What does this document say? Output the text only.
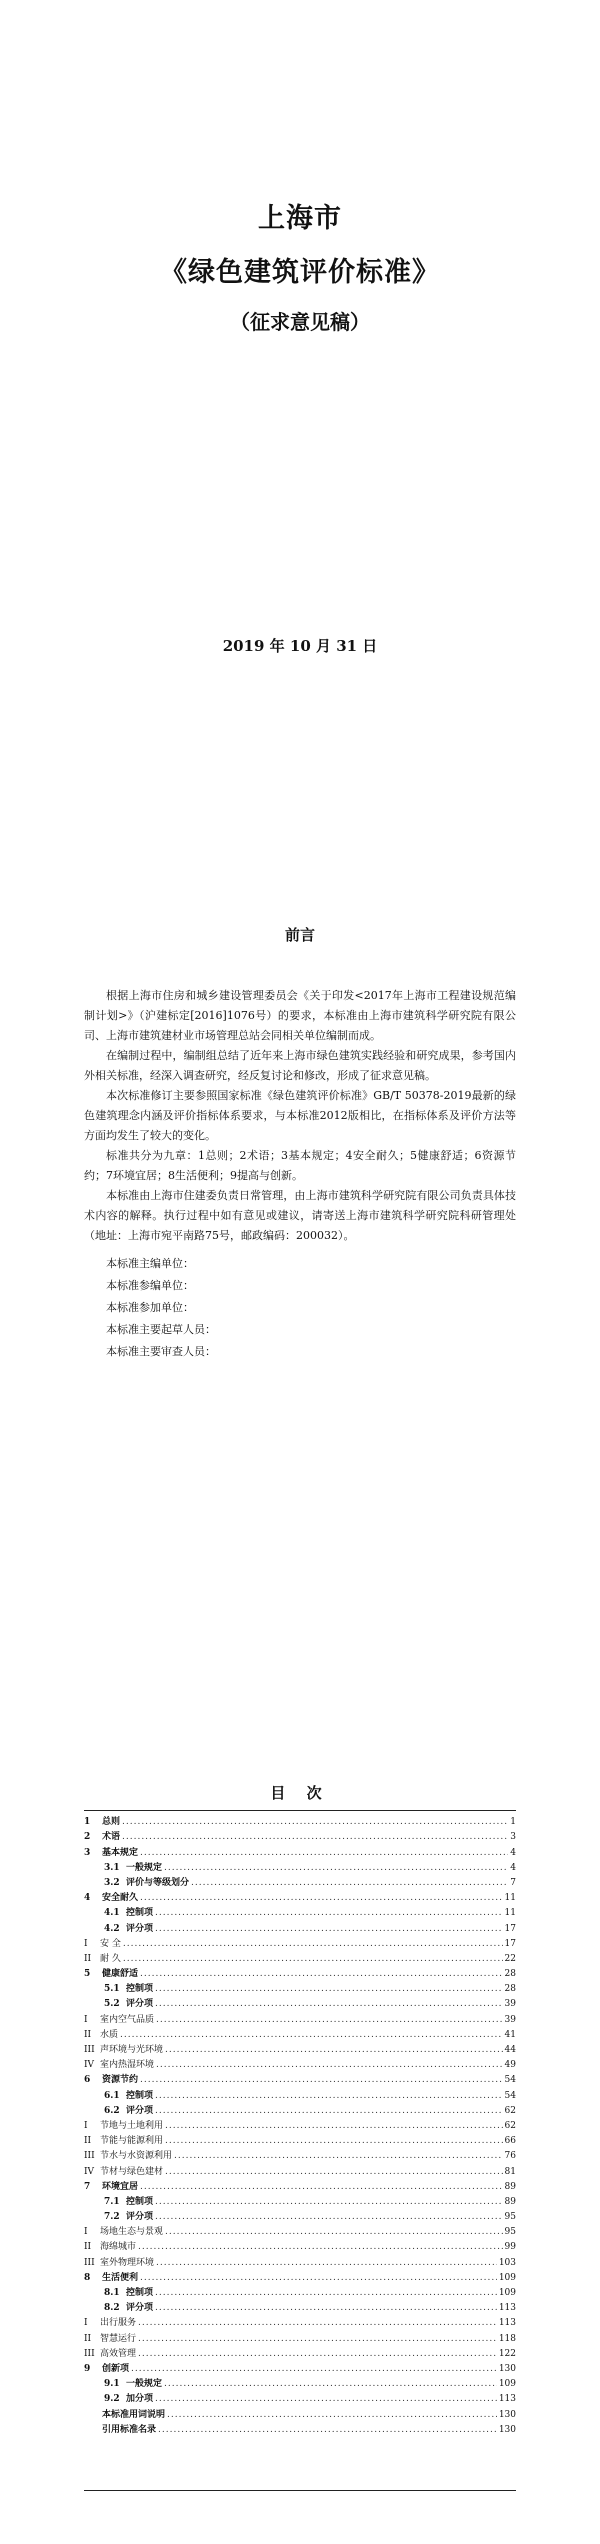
上海市
《绿色建筑评价标准》
（征求意见稿）
2019 年 10 月 31 日
前言

根据上海市住房和城乡建设管理委员会《关于印发<2017年上海市工程建设规范编制计划>》（沪建标定[2016]1076号）的要求，本标准由上海市建筑科学研究院有限公司、上海市建筑建材业市场管理总站会同相关单位编制而成。

在编制过程中，编制组总结了近年来上海市绿色建筑实践经验和研究成果，参考国内外相关标准，经深入调查研究，经反复讨论和修改，形成了征求意见稿。

本次标准修订主要参照国家标准《绿色建筑评价标准》GB/T 50378-2019最新的绿色建筑理念内涵及评价指标体系要求，与本标准2012版相比，在指标体系及评价方法等方面均发生了较大的变化。

标准共分为九章：1总则；2术语；3基本规定；4安全耐久；5健康舒适；6资源节约；7环境宜居；8生活便利；9提高与创新。

本标准由上海市住建委负责日常管理，由上海市建筑科学研究院有限公司负责具体技术内容的解释。执行过程中如有意见或建议，请寄送上海市建筑科学研究院科研管理处（地址：上海市宛平南路75号，邮政编码：200032）。

本标准主编单位：
本标准参编单位：
本标准参加单位：
本标准主要起草人员：
本标准主要审查人员：
目 次
1	总则 .....	1
2	术语 .....	3
3	基本规定 .....	4
3.1 一般规定 .....	4
3.2 评价与等级划分 .....	7
4	安全耐久 .....	11
4.1 控制项 .....	11
4.2 评分项 .....	17
I	安 全 .....	17
II 耐 久 .....	22
5	健康舒适 .....	28
5.1 控制项 .....	28
5.2 评分项 .....	39
I	室内空气品质 .....	39
II 水质 .....	41
III 声环境与光环境 .....	44
IV 室内热湿环境 .....	49
6	资源节约 .....	54
6.1 控制项 .....	54
6.2 评分项 .....	62
I	节地与土地利用 .....	62
II 节能与能源利用 .....	66
III 节水与水资源利用 .....	76
IV 节材与绿色建材 .....	81
7	环境宜居 .....	89
7.1 控制项 .....	89
7.2 评分项 .....	95
I	场地生态与景观 .....	95
II 海绵城市 .....	99
III 室外物理环境 .....	103
8	生活便利 .....	109
8.1 控制项 .....	109
8.2 评分项 .....	113
I	出行服务 .....	113
II 智慧运行 .....	118
III 高效管理 .....	122
9	创新项 .....	130
9.1 一般规定 .....	109
9.2 加分项 .....	113
本标准用词说明 .....	130
引用标准名录 .....	130
